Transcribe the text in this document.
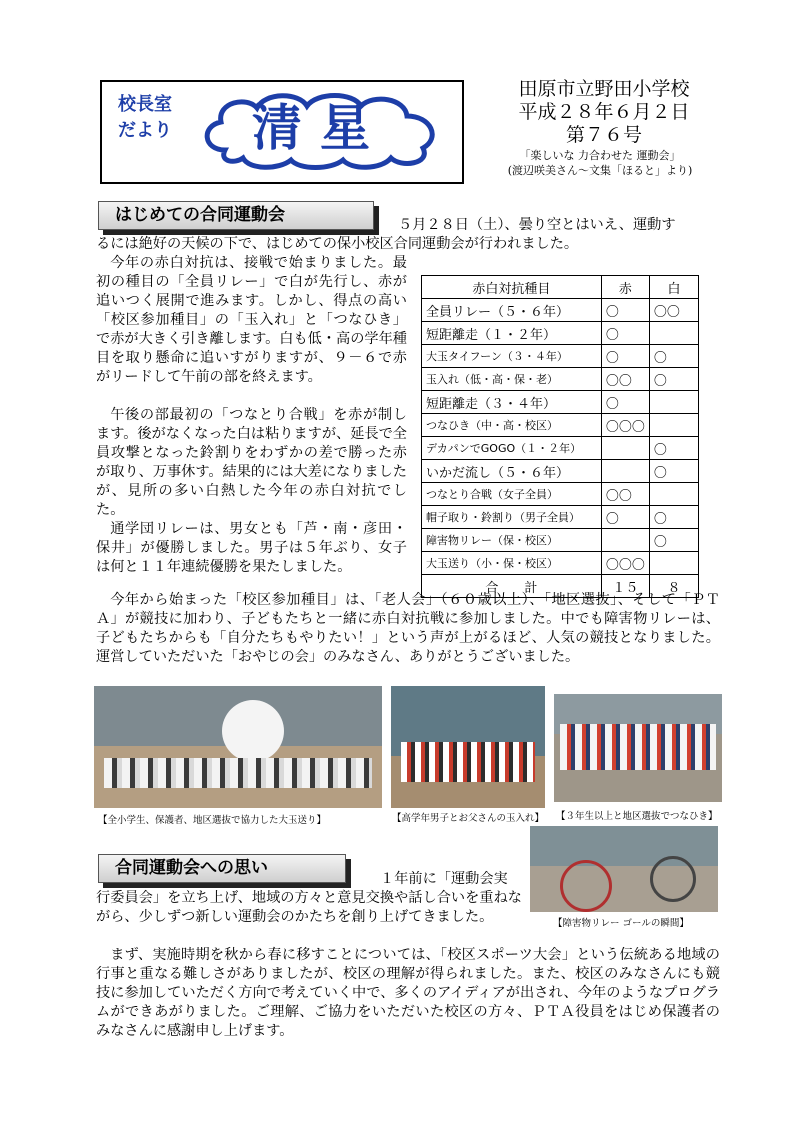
校長室
だより	清星
田原市立野田小学校
平成２８年６月２日
第７６号
「楽しいな 力合わせた 運動会」
(渡辺咲美さん～文集「ほると」より)
はじめての合同運動会	５月２８日（土）、曇り空とはいえ、運動す
るには絶好の天候の下で、はじめての保小校区合同運動会が行われました。
今年の赤白対抗は、接戦で始まりました。最初の種目の「全員リレー」で白が先行し、赤が追いつく展開で進みます。しかし、得点の高い「校区参加種目」の「玉入れ」と「つなひき」で赤が大きく引き離します。白も低・高の学年種目を取り懸命に追いすがりますが、９－６で赤がリードして午前の部を終えます。
午後の部最初の「つなとり合戦」を赤が制します。後がなくなった白は粘りますが、延長で全員攻撃となった鈴割りをわずかの差で勝った赤が取り、万事休す。結果的には大差になりましたが、見所の多い白熱した今年の赤白対抗でした。
通学団リレーは、男女とも「芦・南・彦田・保井」が優勝しました。男子は５年ぶり、女子は何と１１年連続優勝を果たしました。
赤白対抗種目	赤	白
全員リレー（５・６年）	〇	〇〇
短距離走（１・２年）	〇	
大玉タイフーン（３・４年）	〇	〇
玉入れ（低・高・保・老）	〇〇	〇
短距離走（３・４年）	〇	
つなひき（中・高・校区）	〇〇〇	
デカパンでGOGO（１・２年）		〇
いかだ流し（５・６年）		〇
つなとり合戦（女子全員）	〇〇	
帽子取り・鈴割り（男子全員）	〇	〇
障害物リレー（保・校区）		〇
大玉送り（小・保・校区）	〇〇〇	
合　　計	１５	８
今年から始まった「校区参加種目」は、「老人会」（６０歳以上）、「地区選抜」、そして「ＰＴＡ」が競技に加わり、子どもたちと一緒に赤白対抗戦に参加しました。中でも障害物リレーは、子どもたちからも「自分たちもやりたい！」という声が上がるほど、人気の競技となりました。運営していただいた「おやじの会」のみなさん、ありがとうございました。
【全小学生、保護者、地区選抜で協力した大玉送り】	【高学年男子とお父さんの玉入れ】 【３年生以上と地区選抜でつなひき】
【障害物リレー ゴールの瞬間】
合同運動会への思い
１年前に「運動会実
行委員会」を立ち上げ、地域の方々と意見交換や話し合いを重ねながら、少しずつ新しい運動会のかたちを創り上げてきました。
まず、実施時期を秋から春に移すことについては、「校区スポーツ大会」という伝統ある地域の行事と重なる難しさがありましたが、校区の理解が得られました。また、校区のみなさんにも競技に参加していただく方向で考えていく中で、多くのアイディアが出され、今年のようなプログラムができあがりました。ご理解、ご協力をいただいた校区の方々、ＰＴＡ役員をはじめ保護者のみなさんに感謝申し上げます。
